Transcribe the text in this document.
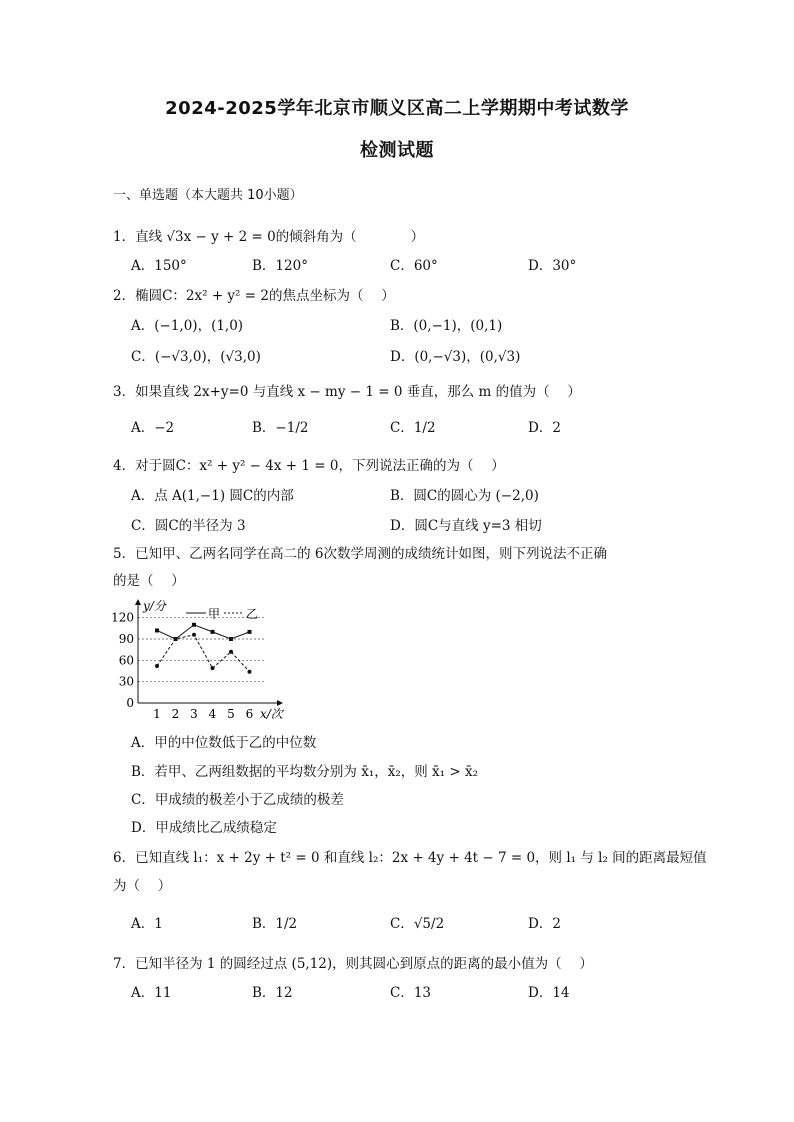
2024-2025学年北京市顺义区高二上学期期中考试数学
检测试题
一、单选题（本大题共 10小题）
1．直线 √3x − y + 2 = 0的倾斜角为（　　　　）
A．150°	B．120°	C．60°	D．30°
2．椭圆C：2x² + y² = 2的焦点坐标为（　 ）
A．(−1,0)，(1,0)	B．(0,−1)，(0,1)
C．(−√3,0)，(√3,0)	D．(0,−√3)，(0,√3)
3．如果直线 2x+y=0 与直线 x − my − 1 = 0 垂直，那么 m 的值为（　 ）
A．−2	B．−1/2	C．1/2	D．2
4．对于圆C：x² + y² − 4x + 1 = 0，下列说法正确的为（　 ）
A．点 A(1,−1) 圆C的内部	B．圆C的圆心为 (−2,0)
C．圆C的半径为 3	D．圆C与直线 y=3 相切
5．已知甲、乙两名同学在高二的 6次数学周测的成绩统计如图，则下列说法不正确
的是（　 ）
y/分
x/次
0
30
60
90
120
1 2 3 4 5 6
甲 乙
A．甲的中位数低于乙的中位数
B．若甲、乙两组数据的平均数分别为 x̄₁，x̄₂，则 x̄₁ > x̄₂
C．甲成绩的极差小于乙成绩的极差
D．甲成绩比乙成绩稳定
6．已知直线 l₁：x + 2y + t² = 0 和直线 l₂：2x + 4y + 4t − 7 = 0，则 l₁ 与 l₂ 间的距离最短值
为（　 ）
A．1	B．1/2	C．√5/2	D．2
7．已知半径为 1 的圆经过点 (5,12)，则其圆心到原点的距离的最小值为（　 ）
A．11	B．12	C．13	D．14
